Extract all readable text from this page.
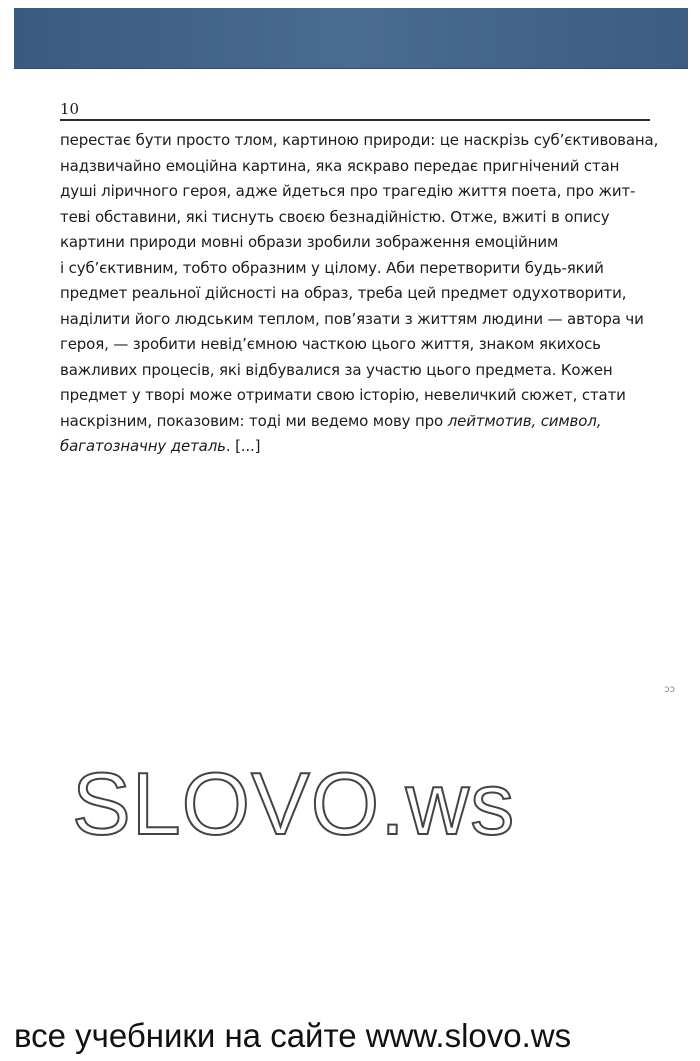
10
перестає бути просто тлом, картиною природи: це наскрізь суб’єктивована,
надзвичайно емоційна картина, яка яскраво передає пригнічений стан
душі ліричного героя, адже йдеться про трагедію життя поета, про жит-
теві обставини, які тиснуть своєю безнадійністю. Отже, вжиті в опису
картини природи мовні образи зробили зображення емоційним
і суб’єктивним, тобто образним у цілому. Аби перетворити будь-який
предмет реальної дійсності на образ, треба цей предмет одухотворити,
наділити його людським теплом, пов’язати з життям людини — автора чи
героя, — зробити невід’ємною часткою цього життя, знаком якихось
важливих процесів, які відбувалися за участю цього предмета. Кожен
предмет у творі може отримати свою історію, невеличкий сюжет, стати
наскрізним, показовим: тоді ми ведемо мову про лейтмотив, символ,
багатозначну деталь. [...]
ɔɔ
SLOVO.ws
все учебники на сайте www.slovo.ws
